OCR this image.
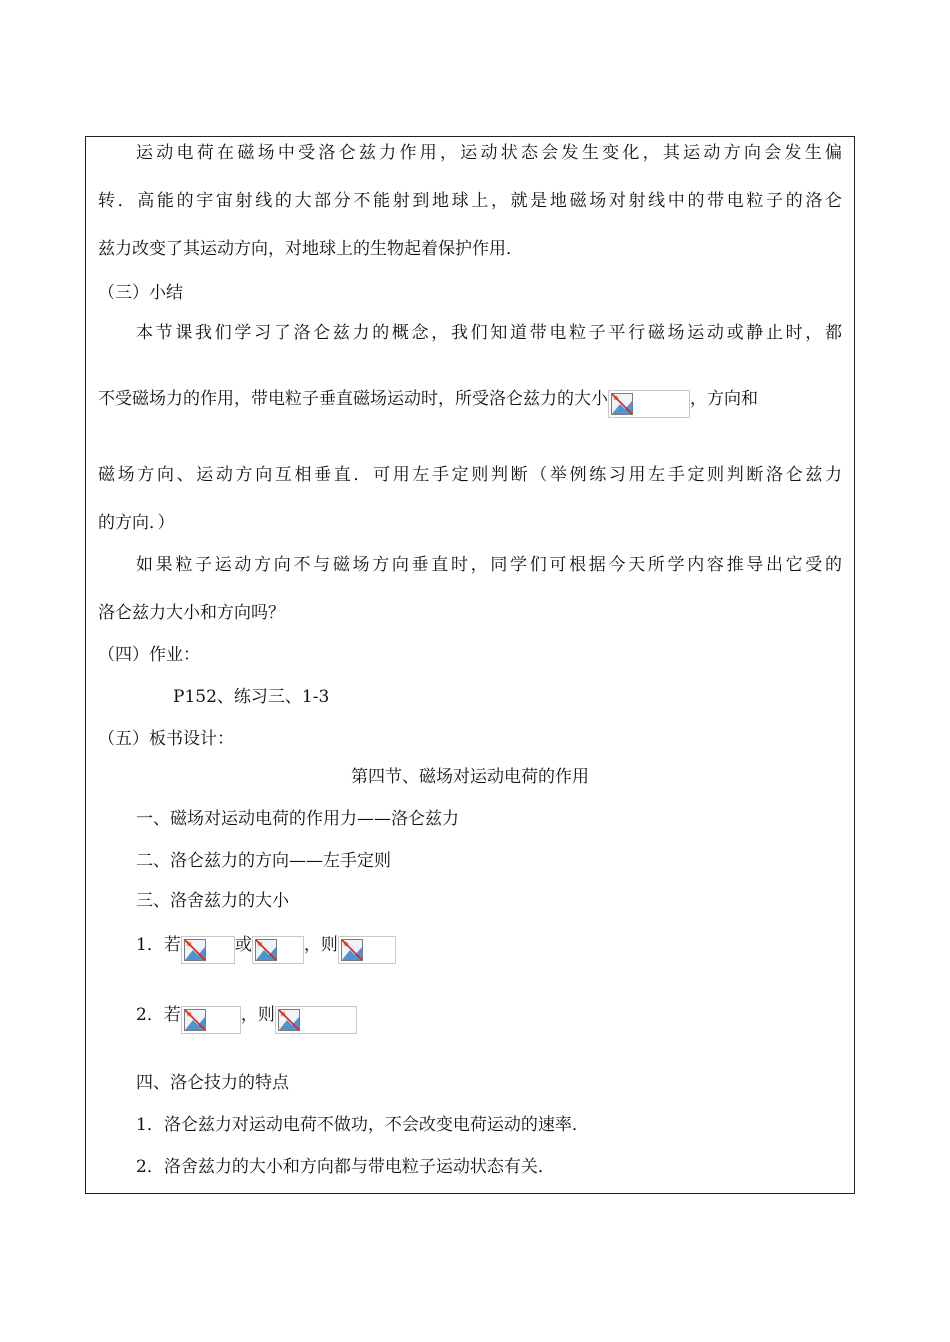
运动电荷在磁场中受洛仑兹力作用，运动状态会发生变化，其运动方向会发生偏
转．高能的宇宙射线的大部分不能射到地球上，就是地磁场对射线中的带电粒子的洛仑
兹力改变了其运动方向，对地球上的生物起着保护作用．
（三）小结
本节课我们学习了洛仑兹力的概念，我们知道带电粒子平行磁场运动或静止时，都
不受磁场力的作用，带电粒子垂直磁场运动时，所受洛仑兹力的大小	，方向和
磁场方向、运动方向互相垂直．可用左手定则判断（举例练习用左手定则判断洛仑兹力
的方向．）
如果粒子运动方向不与磁场方向垂直时，同学们可根据今天所学内容推导出它受的
洛仑兹力大小和方向吗？
（四）作业：
P152、练习三、1-3
（五）板书设计：
第四节、磁场对运动电荷的作用
一、磁场对运动电荷的作用力——洛仑兹力
二、洛仑兹力的方向——左手定则
三、洛舍兹力的大小
1．若	或	，则
2．若	，则
四、洛仑技力的特点
1．洛仑兹力对运动电荷不做功，不会改变电荷运动的速率．
2．洛舍兹力的大小和方向都与带电粒子运动状态有关．
